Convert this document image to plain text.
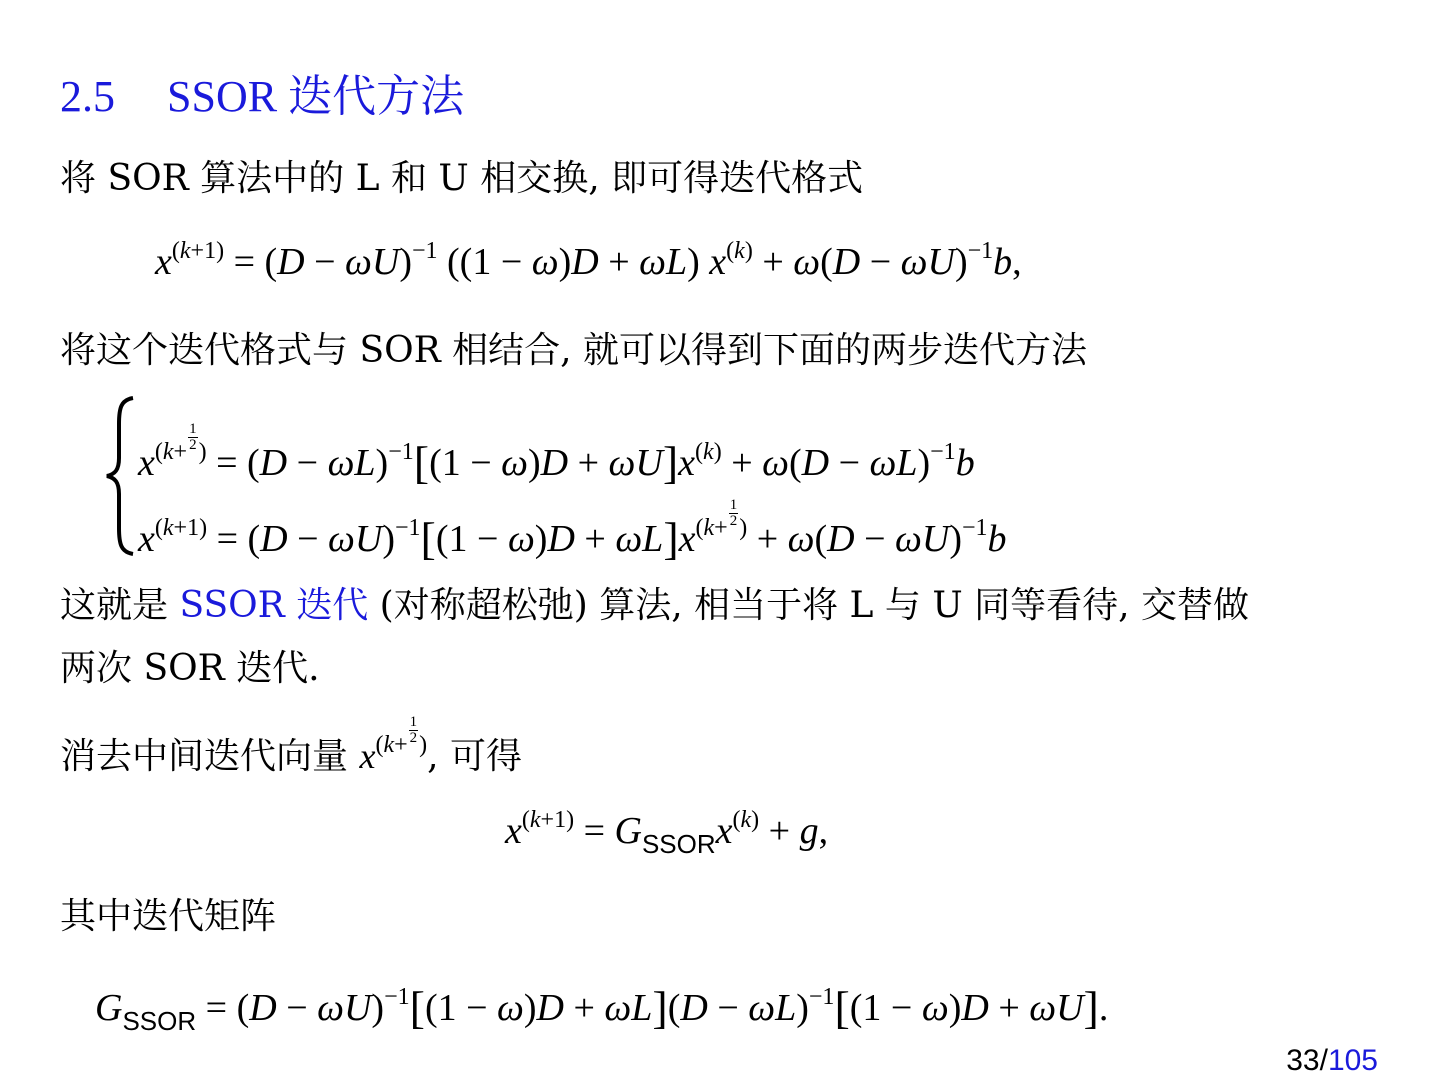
2.5 SSOR 迭代方法
将 SOR 算法中的 L 和 U 相交换, 即可得迭代格式
$x^{(k+1)} = (D - \omega U)^{-1}$ ((1 − ω)D + ωL) $x^{(k)} + \omega(D - \omega U)^{-1}b$,
将这个迭代格式与 SOR 相结合, 就可以得到下面的两步迭代方法
$x^{(k+ \frac{1}{2} )} = (D - \omega L)^{-1}[(1 - \omega)D + \omega U]x^{(k)} + \omega(D - \omega L)^{-1}b$
$x^{(k+1)} = (D - \omega U)^{-1}[(1 - \omega)D + \omega L]x^{(k+ \frac{1}{2} )} + \omega(D - \omega U)^{-1}b$
这就是 SSOR 迭代 (对称超松弛) 算法, 相当于将 L 与 U 同等看待, 交替做
两次 SOR 迭代.
消去中间迭代向量 $x^{(k+ \frac{1}{2} )}$, 可得
$x^{(k+1)} = G_{SSOR}x^{(k)} + g$,
其中迭代矩阵
$G_{SSOR} = (D - \omega U)^{-1}[(1 - \omega)D + \omega L](D - \omega L)^{-1}[(1 - \omega)D + \omega U]$.
33/105
